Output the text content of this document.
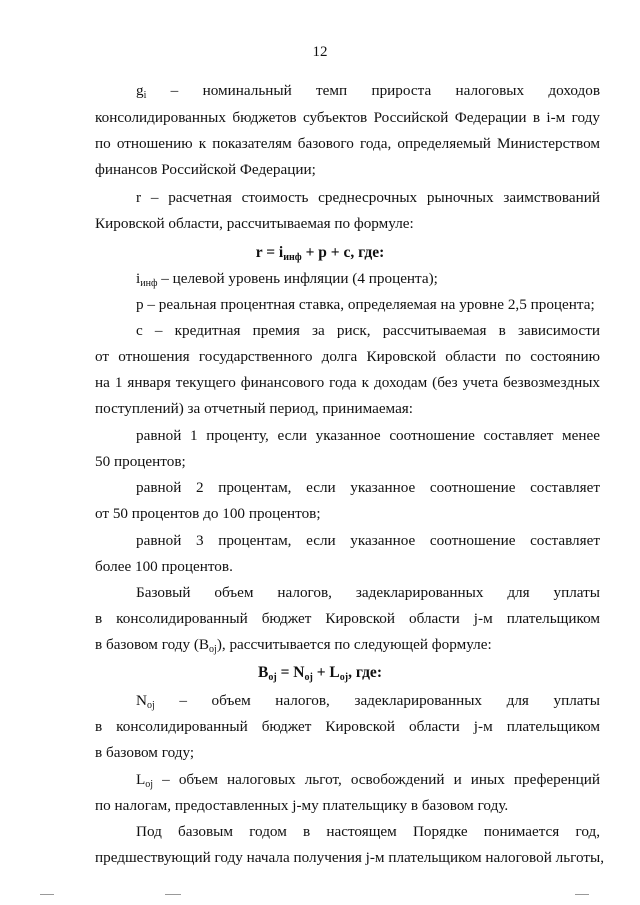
12
$g_i$ – номинальный темп прироста налоговых доходов
консолидированных бюджетов субъектов Российской Федерации в i-м году
по отношению к показателям базового года, определяемый Министерством
финансов Российской Федерации;
r – расчетная стоимость среднесрочных рыночных заимствований
Кировской области, рассчитываемая по формуле:
$r = i_{инф} + p + c$, где:
$i_{инф}$ – целевой уровень инфляции (4 процента);
p – реальная процентная ставка, определяемая на уровне 2,5 процента;
c – кредитная премия за риск, рассчитываемая в зависимости
от отношения государственного долга Кировской области по состоянию
на 1 января текущего финансового года к доходам (без учета безвозмездных
поступлений) за отчетный период, принимаемая:
равной 1 проценту, если указанное соотношение составляет менее
50 процентов;
равной 2 процентам, если указанное соотношение составляет
от 50 процентов до 100 процентов;
равной 3 процентам, если указанное соотношение составляет
более 100 процентов.
Базовый объем налогов, задекларированных для уплаты
в консолидированный бюджет Кировской области j-м плательщиком
в базовом году $(B_{oj})$, рассчитывается по следующей формуле:
$B_{oj} = N_{oj} + L_{oj}$, где:
$N_{oj}$ – объем налогов, задекларированных для уплаты
в консолидированный бюджет Кировской области j-м плательщиком
в базовом году;
$L_{oj}$ – объем налоговых льгот, освобождений и иных преференций
по налогам, предоставленных j-му плательщику в базовом году.
Под базовым годом в настоящем Порядке понимается год,
предшествующий году начала получения j-м плательщиком налоговой льготы,
